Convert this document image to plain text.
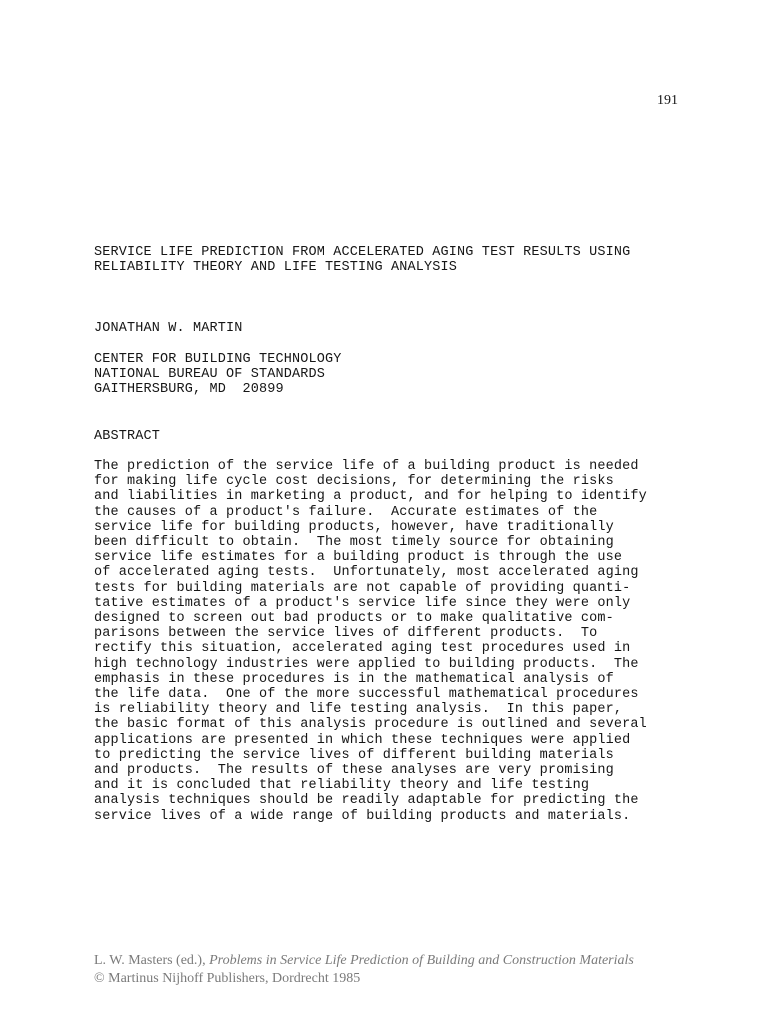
191
SERVICE LIFE PREDICTION FROM ACCELERATED AGING TEST RESULTS USING
RELIABILITY THEORY AND LIFE TESTING ANALYSIS
JONATHAN W. MARTIN
CENTER FOR BUILDING TECHNOLOGY
NATIONAL BUREAU OF STANDARDS
GAITHERSBURG, MD  20899
ABSTRACT
The prediction of the service life of a building product is needed
for making life cycle cost decisions, for determining the risks
and liabilities in marketing a product, and for helping to identify
the causes of a product's failure.  Accurate estimates of the
service life for building products, however, have traditionally
been difficult to obtain.  The most timely source for obtaining
service life estimates for a building product is through the use
of accelerated aging tests.  Unfortunately, most accelerated aging
tests for building materials are not capable of providing quanti-
tative estimates of a product's service life since they were only
designed to screen out bad products or to make qualitative com-
parisons between the service lives of different products.  To
rectify this situation, accelerated aging test procedures used in
high technology industries were applied to building products.  The
emphasis in these procedures is in the mathematical analysis of
the life data.  One of the more successful mathematical procedures
is reliability theory and life testing analysis.  In this paper,
the basic format of this analysis procedure is outlined and several
applications are presented in which these techniques were applied
to predicting the service lives of different building materials
and products.  The results of these analyses are very promising
and it is concluded that reliability theory and life testing
analysis techniques should be readily adaptable for predicting the
service lives of a wide range of building products and materials.
L. W. Masters (ed.), Problems in Service Life Prediction of Building and Construction Materials
© Martinus Nijhoff Publishers, Dordrecht 1985
